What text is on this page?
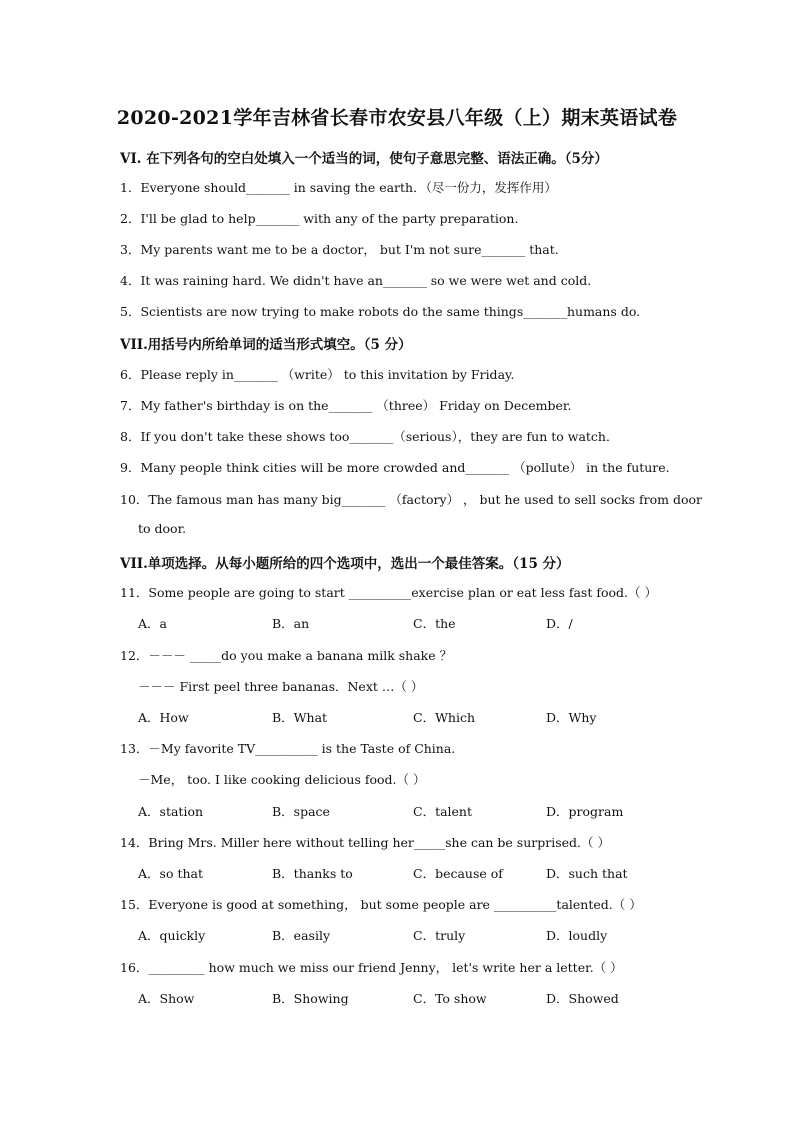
2020-2021学年吉林省长春市农安县八年级（上）期末英语试卷
VI. 在下列各句的空白处填入一个适当的词，使句子意思完整、语法正确。（5分）
1．Everyone should_______ in saving the earth．（尽一份力，发挥作用）
2．I'll be glad to help_______ with any of the party preparation.
3．My parents want me to be a doctor， but I'm not sure_______ that.
4．It was raining hard. We didn't have an_______ so we were wet and cold.
5．Scientists are now trying to make robots do the same things_______humans do.
VII.用括号内所给单词的适当形式填空。（5 分）
6．Please reply in_______ （write） to this invitation by Friday.
7．My father's birthday is on the_______ （three） Friday on December.
8．If you don't take these shows too_______（serious），they are fun to watch．
9．Many people think cities will be more crowded and_______ （pollute） in the future.
10．The famous man has many big_______ （factory） ， but he used to sell socks from door
to door.
VII.单项选择。从每小题所给的四个选项中，选出一个最佳答案。（15 分）
11．Some people are going to start __________exercise plan or eat less fast food.（ ）
A．a	B．an	C．the	D．/
12．－－－ _____do you make a banana milk shake ？
－－－ First peel three bananas．Next …（ ）
A．How	B．What	C．Which	D．Why
13．－My favorite TV__________ is the Taste of China.
－Me， too. I like cooking delicious food.（ ）
A．station	B．space	C．talent	D．program
14．Bring Mrs. Miller here without telling her_____she can be surprised.（ ）
A．so that	B．thanks to	C．because of	D．such that
15．Everyone is good at something， but some people are __________talented.（ ）
A．quickly	B．easily	C．truly	D．loudly
16．_________ how much we miss our friend Jenny， let's write her a letter.（ ）
A．Show	B．Showing	C．To show	D．Showed
